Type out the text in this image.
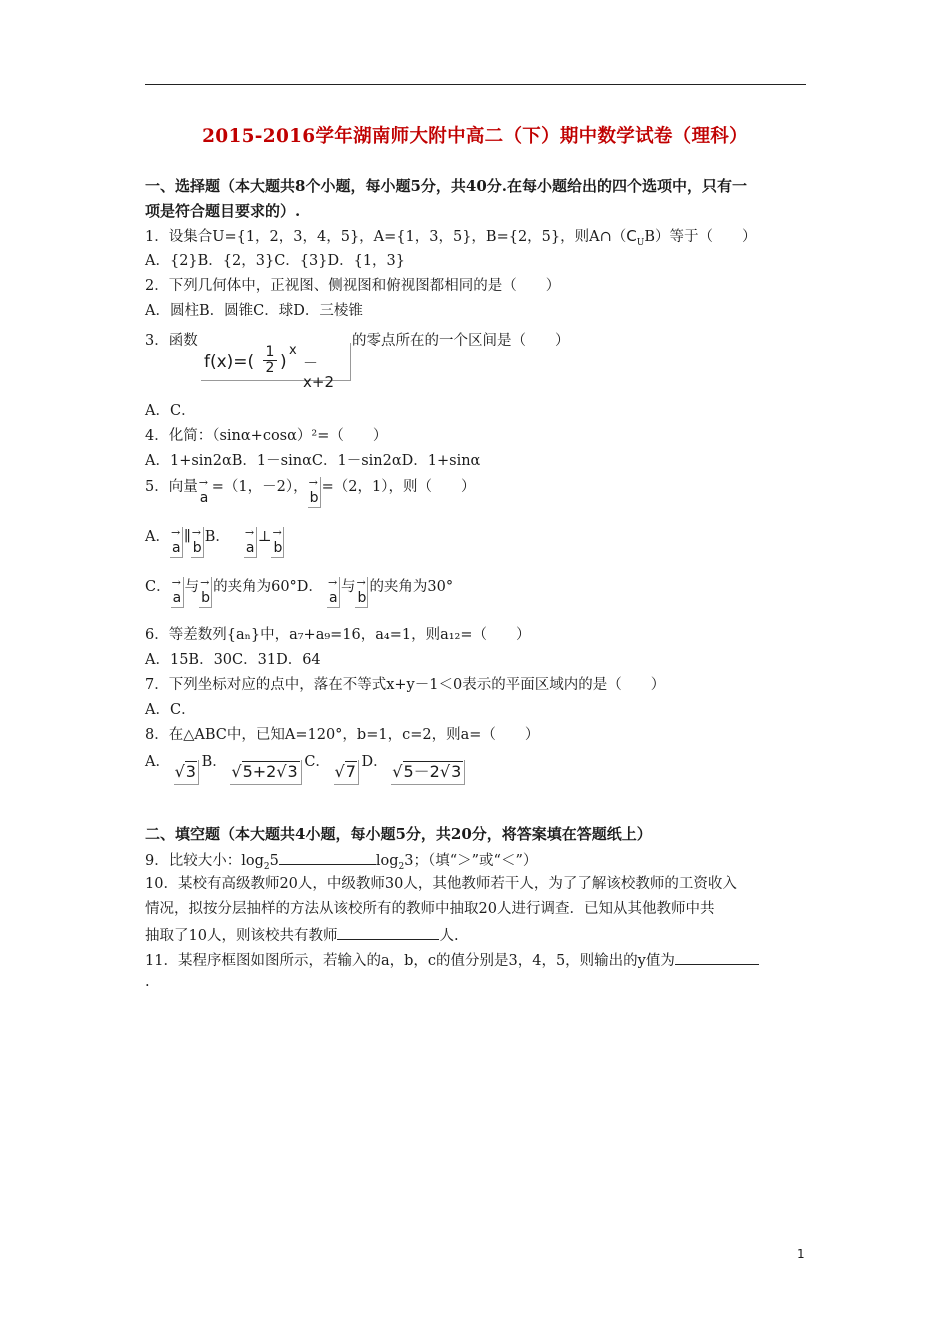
2015-2016学年湖南师大附中高二（下）期中数学试卷（理科）
一、选择题（本大题共8个小题，每小题5分，共40分.在每小题给出的四个选项中，只有一
项是符合题目要求的）.
1．设集合U={1，2，3，4，5}，A={1，3，5}，B={2，5}，则$A\cap(C_UB)$等于（　　）
A．{2}B．{2，3}C．{3}D．{1，3}
2．下列几何体中，正视图、侧视图和俯视图都相同的是（　　）
A．圆柱B．圆锥C．球D．三棱锥
3．函数
$f(x)=( \frac{1}{2}$ )
x
－ x+2
的零点所在的一个区间是（　　）
A．C．
4．化简：（sinα+cosα）²=（　　）
A．1+sin2αB．1－sinαC．1－sin2αD．1+sinα
5．向量 →
a
=（1，－2）， →
b
=（2，1），则（　　）
A． →
a
∥ →
b
B． →
a
⊥ →
b
C． →
a
与 →
b
的夹角为60°D． →
a
与 →
b
的夹角为30°
6．等差数列{aₙ}中，a₇+a₉=16，a₄=1，则a₁₂=（　　）
A．15B．30C．31D．64
7．下列坐标对应的点中，落在不等式x+y－1＜0表示的平面区域内的是（　　）
A．C．
8．在△ABC中，已知A=120°，b=1，c=2，则a=（　　）
A． √3 B． √5+2√3 C． √7 D． √5－2√3
二、填空题（本大题共4小题，每小题5分，共20分，将答案填在答题纸上）
9．比较大小：$\log_25$	$\log_23$；（填“＞”或“＜”）
10．某校有高级教师20人，中级教师30人，其他教师若干人，为了了解该校教师的工资收入
情况，拟按分层抽样的方法从该校所有的教师中抽取20人进行调查．已知从其他教师中共
抽取了10人，则该校共有教师	人.
11．某程序框图如图所示，若输入的a，b，c的值分别是3，4，5，则输出的y值为
.
1
